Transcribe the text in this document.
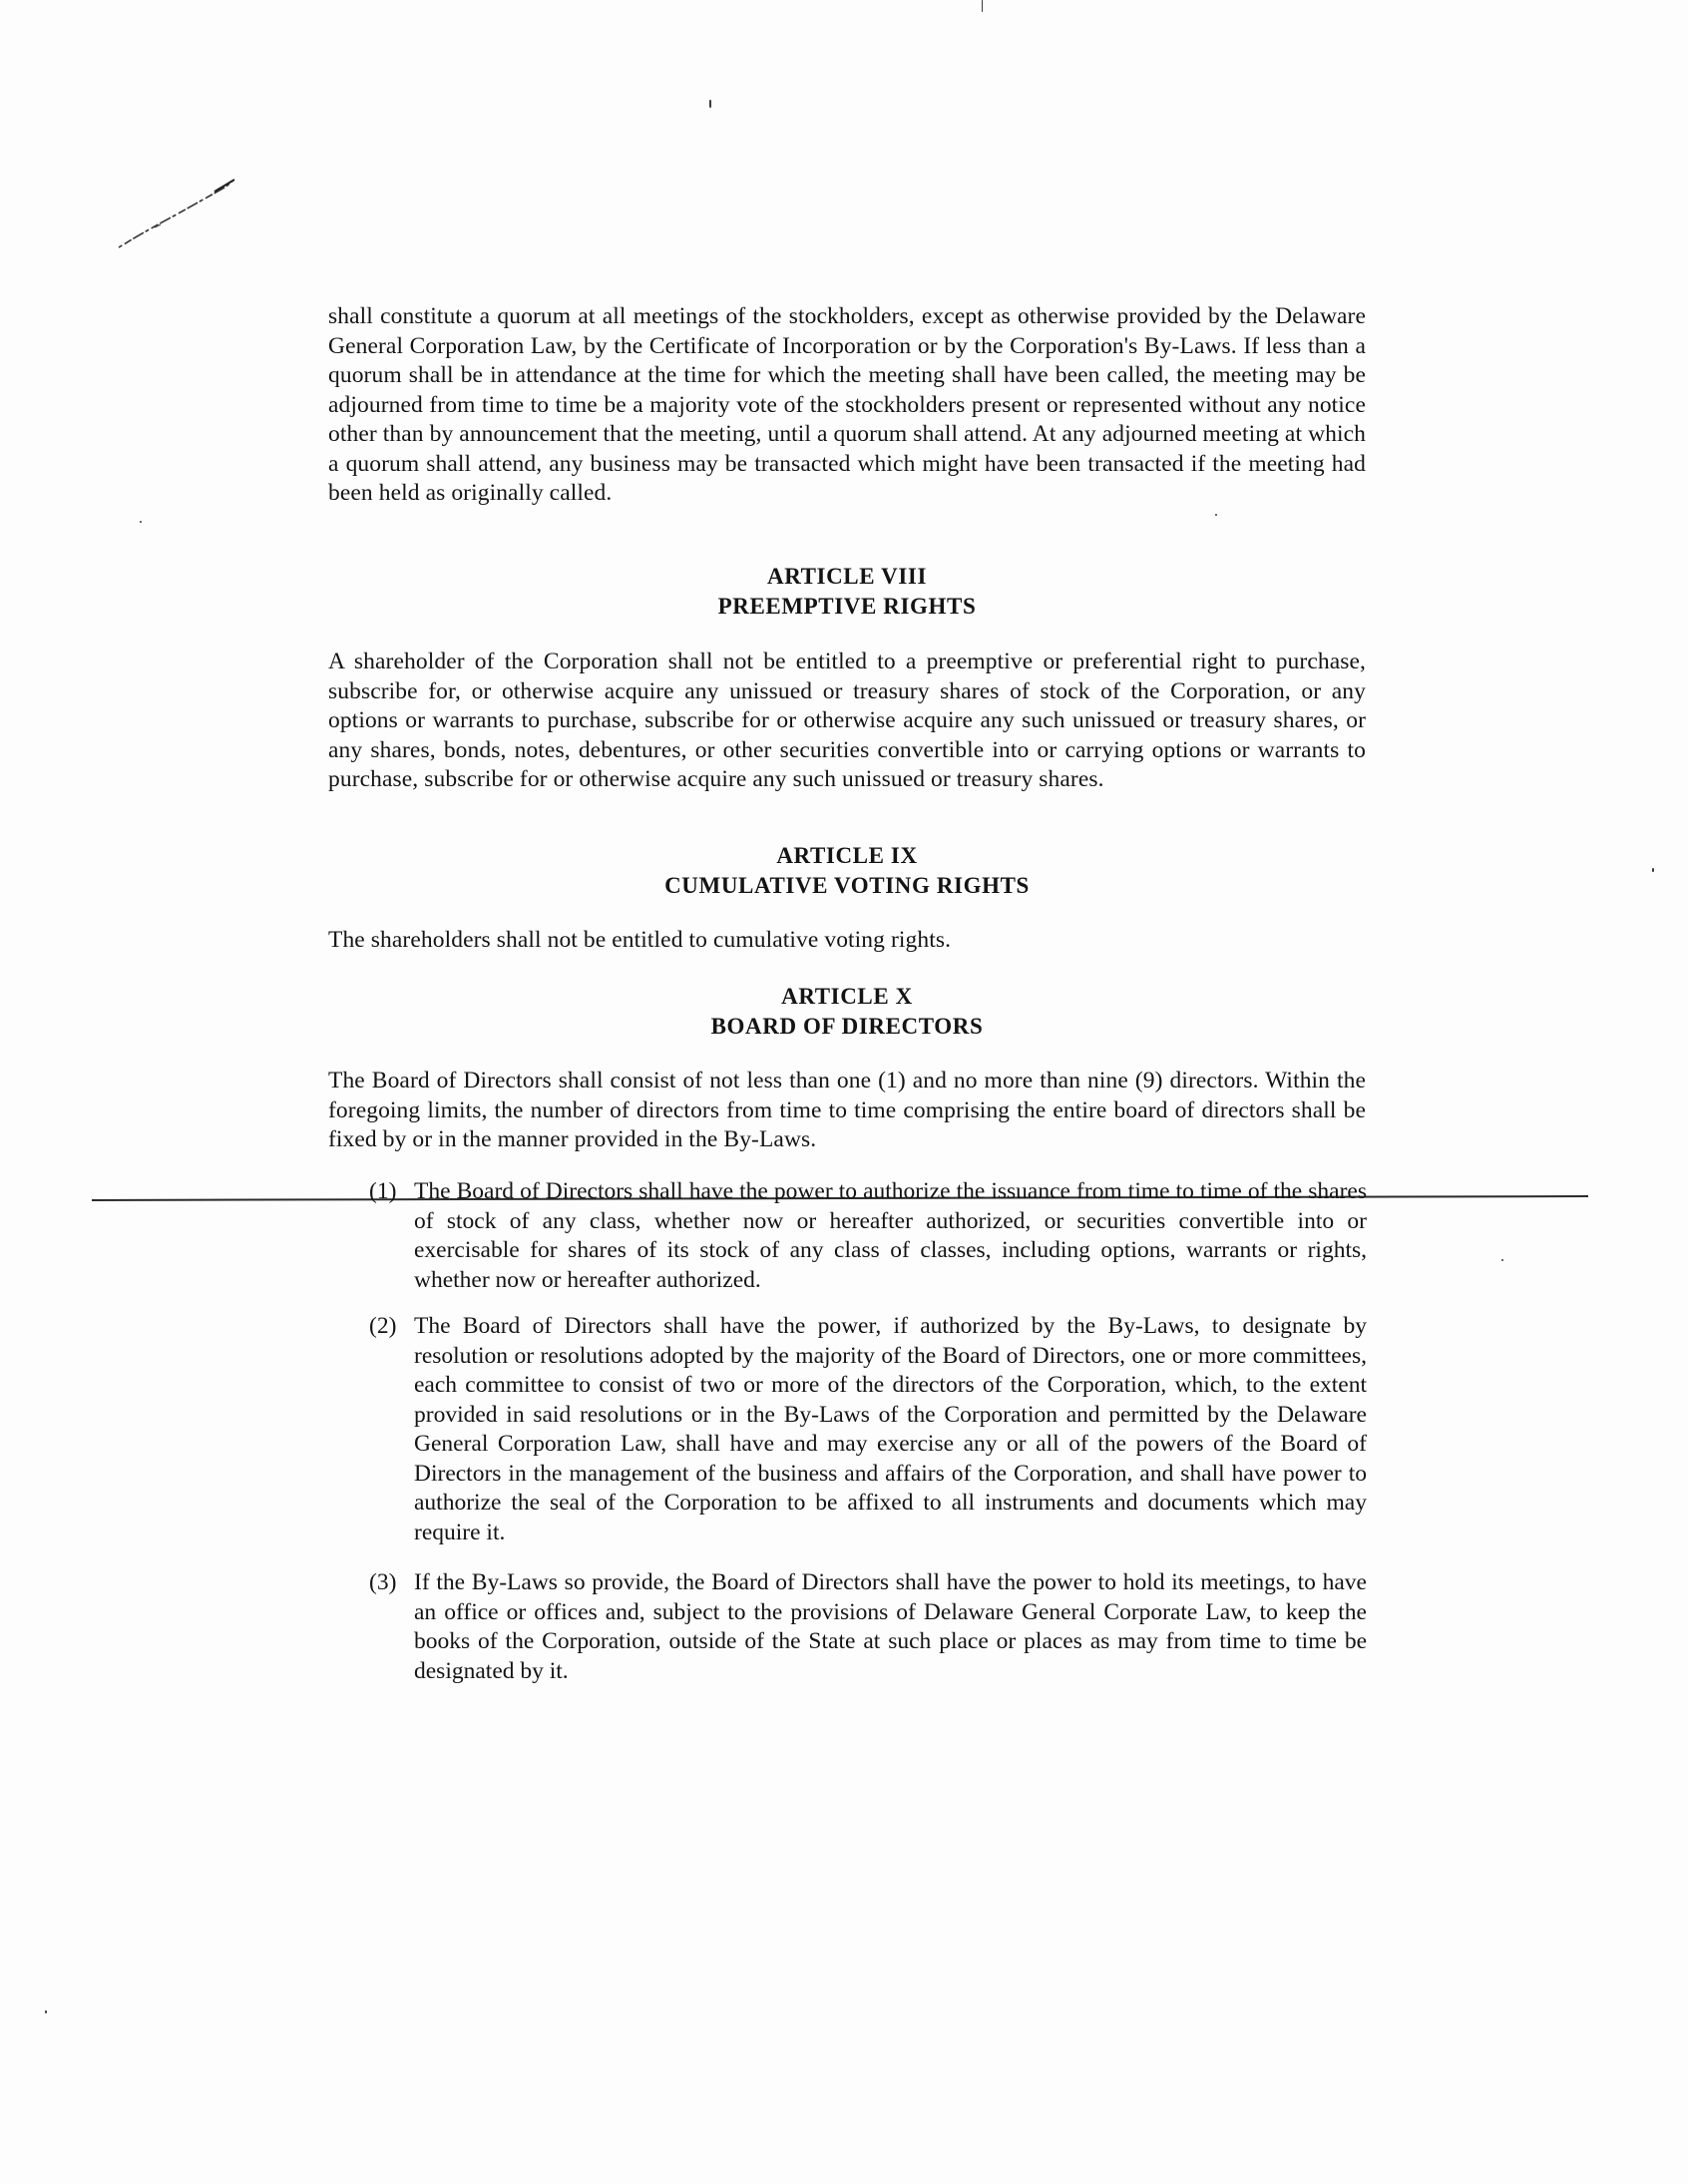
shall constitute a quorum at all meetings of the stockholders, except as otherwise provided by the Delaware General Corporation Law, by the Certificate of Incorporation or by the Corporation's By-Laws. If less than a quorum shall be in attendance at the time for which the meeting shall have been called, the meeting may be adjourned from time to time be a majority vote of the stockholders present or represented without any notice other than by announcement that the meeting, until a quorum shall attend. At any adjourned meeting at which a quorum shall attend, any business may be transacted which might have been transacted if the meeting had been held as originally called.
ARTICLE VIII
PREEMPTIVE RIGHTS
A shareholder of the Corporation shall not be entitled to a preemptive or preferential right to purchase, subscribe for, or otherwise acquire any unissued or treasury shares of stock of the Corporation, or any options or warrants to purchase, subscribe for or otherwise acquire any such unissued or treasury shares, or any shares, bonds, notes, debentures, or other securities convertible into or carrying options or warrants to purchase, subscribe for or otherwise acquire any such unissued or treasury shares.
ARTICLE IX
CUMULATIVE VOTING RIGHTS
The shareholders shall not be entitled to cumulative voting rights.
ARTICLE X
BOARD OF DIRECTORS
The Board of Directors shall consist of not less than one (1) and no more than nine (9) directors. Within the foregoing limits, the number of directors from time to time comprising the entire board of directors shall be fixed by or in the manner provided in the By-Laws.
(1) The Board of Directors shall have the power to authorize the issuance from time to time of the shares of stock of any class, whether now or hereafter authorized, or securities convertible into or exercisable for shares of its stock of any class of classes, including options, warrants or rights, whether now or hereafter authorized.
(2) The Board of Directors shall have the power, if authorized by the By-Laws, to designate by resolution or resolutions adopted by the majority of the Board of Directors, one or more committees, each committee to consist of two or more of the directors of the Corporation, which, to the extent provided in said resolutions or in the By-Laws of the Corporation and permitted by the Delaware General Corporation Law, shall have and may exercise any or all of the powers of the Board of Directors in the management of the business and affairs of the Corporation, and shall have power to authorize the seal of the Corporation to be affixed to all instruments and documents which may require it.
(3) If the By-Laws so provide, the Board of Directors shall have the power to hold its meetings, to have an office or offices and, subject to the provisions of Delaware General Corporate Law, to keep the books of the Corporation, outside of the State at such place or places as may from time to time be designated by it.
